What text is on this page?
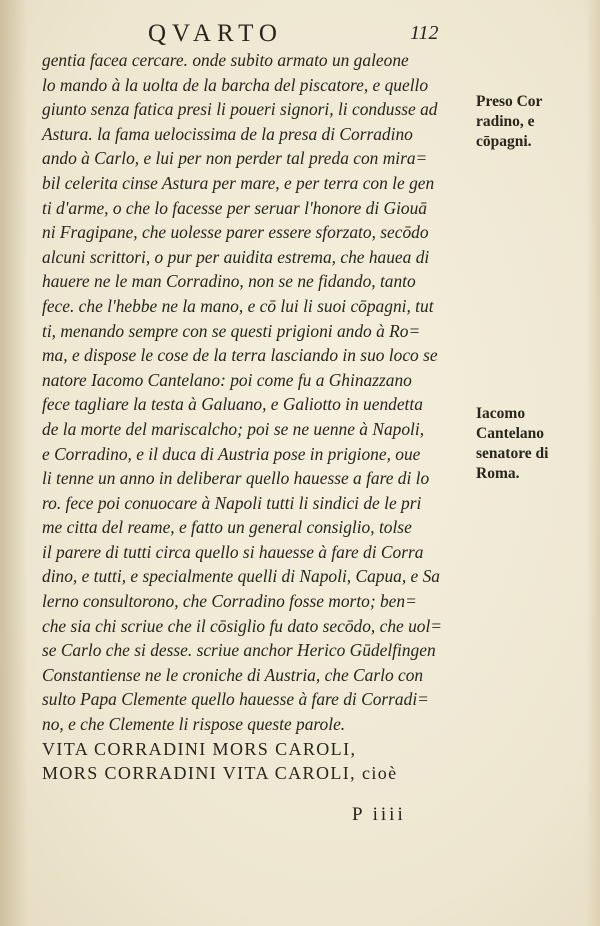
QVARTO	112
gentia facea cercare. onde subito armato un galeone
lo mando à la uolta de la barcha del piscatore, e quello
giunto senza fatica presi li poueri signori, li condusse ad
Astura. la fama uelocissima de la presa di Corradino
ando à Carlo, e lui per non perder tal preda con mira=
bil celerita cinse Astura per mare, e per terra con le gen
ti d'arme, o che lo facesse per seruar l'honore di Giouā
ni Fragipane, che uolesse parer essere sforzato, secōdo
alcuni scrittori, o pur per auidita estrema, che haueа di
hauere ne le man Corradino, non se ne fidando, tanto
fece. che l'hebbe ne la mano, e cō lui li suoi cōpagni, tut
ti, menando sempre con se questi prigioni ando à Ro=
ma, e dispose le cose de la terra lasciando in suo loco se
natore Iacomo Cantelano: poi come fu a Ghinazzano
fece tagliare la testa à Galuano, e Galiotto in uendetta
de la morte del mariscalcho; poi se ne uenne à Napoli,
e Corradino, e il duca di Austria pose in prigione, oue
li tenne un anno in deliberar quello hauesse a fare di lo
ro. fece poi conuocare à Napoli tutti li sindici de le pri
me citta del reame, e fatto un general consiglio, tolse
il parere di tutti circa quello si hauesse à fare di Corra
dino, e tutti, e specialmente quelli di Napoli, Capua, e Sa
lerno consultorono, che Corradino fosse morto; ben=
che sia chi scriue che il cōsiglio fu dato secōdo, che uol=
se Carlo che si desse. scriue anchor Herico Gūdelfingen
Constantiense ne le croniche di Austria, che Carlo con
sulto Papa Clemente quello hauesse à fare di Corradi=
no, e che Clemente li rispose queste parole.
VITA CORRADINI MORS CAROLI,
MORS CORRADINI VITA CAROLI, cioè
Preso Cor
radino, e
cōpagni.
Iacomo
Cantelano
senatore di
Roma.
P iiii
